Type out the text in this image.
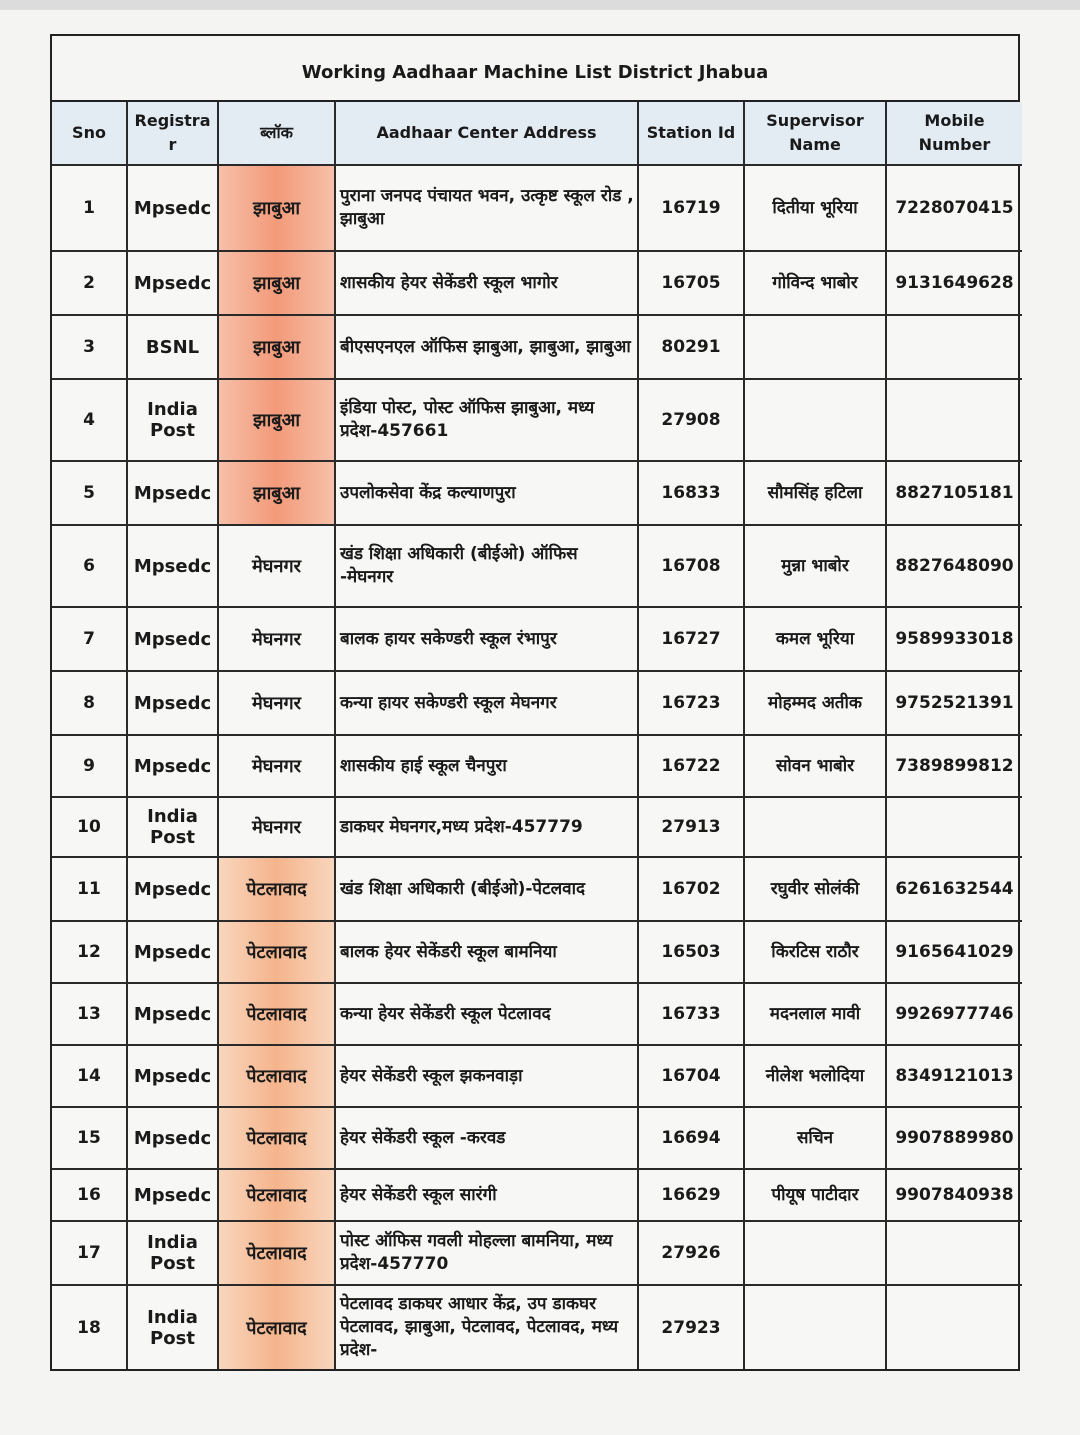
Working Aadhaar Machine List District Jhabua
Sno	Registra r	ब्लॉक	Aadhaar Center Address	Station Id	Supervisor Name	Mobile Number
1	Mpsedc	झाबुआ	पुराना जनपद पंचायत भवन, उत्कृष्ट स्कूल रोड , झाबुआ	16719	दितीया भूरिया	7228070415
2	Mpsedc	झाबुआ	शासकीय हेयर सेकेंडरी स्कूल भागोर	16705	गोविन्द भाबोर	9131649628
3	BSNL	झाबुआ	बीएसएनएल ऑफिस झाबुआ, झाबुआ, झाबुआ	80291		
4	India Post	झाबुआ	इंडिया पोस्ट, पोस्ट ऑफिस झाबुआ, मध्य प्रदेश-457661	27908		
5	Mpsedc	झाबुआ	उपलोकसेवा केंद्र कल्याणपुरा	16833	सौमसिंह हटिला	8827105181
6	Mpsedc	मेघनगर	खंड शिक्षा अधिकारी (बीईओ) ऑफिस -मेघनगर	16708	मुन्ना भाबोर	8827648090
7	Mpsedc	मेघनगर	बालक हायर सकेण्डरी स्कूल रंभापुर	16727	कमल भूरिया	9589933018
8	Mpsedc	मेघनगर	कन्या हायर सकेण्डरी स्कूल मेघनगर	16723	मोहम्मद अतीक	9752521391
9	Mpsedc	मेघनगर	शासकीय हाई स्कूल चैनपुरा	16722	सोवन भाबोर	7389899812
10	India Post	मेघनगर	डाकघर मेघनगर,मध्य प्रदेश-457779	27913		
11	Mpsedc	पेटलावाद	खंड शिक्षा अधिकारी (बीईओ)-पेटलवाद	16702	रघुवीर सोलंकी	6261632544
12	Mpsedc	पेटलावाद	बालक हेयर सेकेंडरी स्कूल बामनिया	16503	किरटिस राठौर	9165641029
13	Mpsedc	पेटलावाद	कन्या हेयर सेकेंडरी स्कूल पेटलावद	16733	मदनलाल मावी	9926977746
14	Mpsedc	पेटलावाद	हेयर सेकेंडरी स्कूल झकनवाड़ा	16704	नीलेश भलोदिया	8349121013
15	Mpsedc	पेटलावाद	हेयर सेकेंडरी स्कूल -करवड	16694	सचिन	9907889980
16	Mpsedc	पेटलावाद	हेयर सेकेंडरी स्कूल सारंगी	16629	पीयूष पाटीदार	9907840938
17	India Post	पेटलावाद	पोस्ट ऑफिस गवली मोहल्ला बामनिया, मध्य प्रदेश-457770	27926		
18	India Post	पेटलावाद	पेटलावद डाकघर आधार केंद्र, उप डाकघर पेटलावद, झाबुआ, पेटलावद, पेटलावद, मध्य प्रदेश-	27923		
